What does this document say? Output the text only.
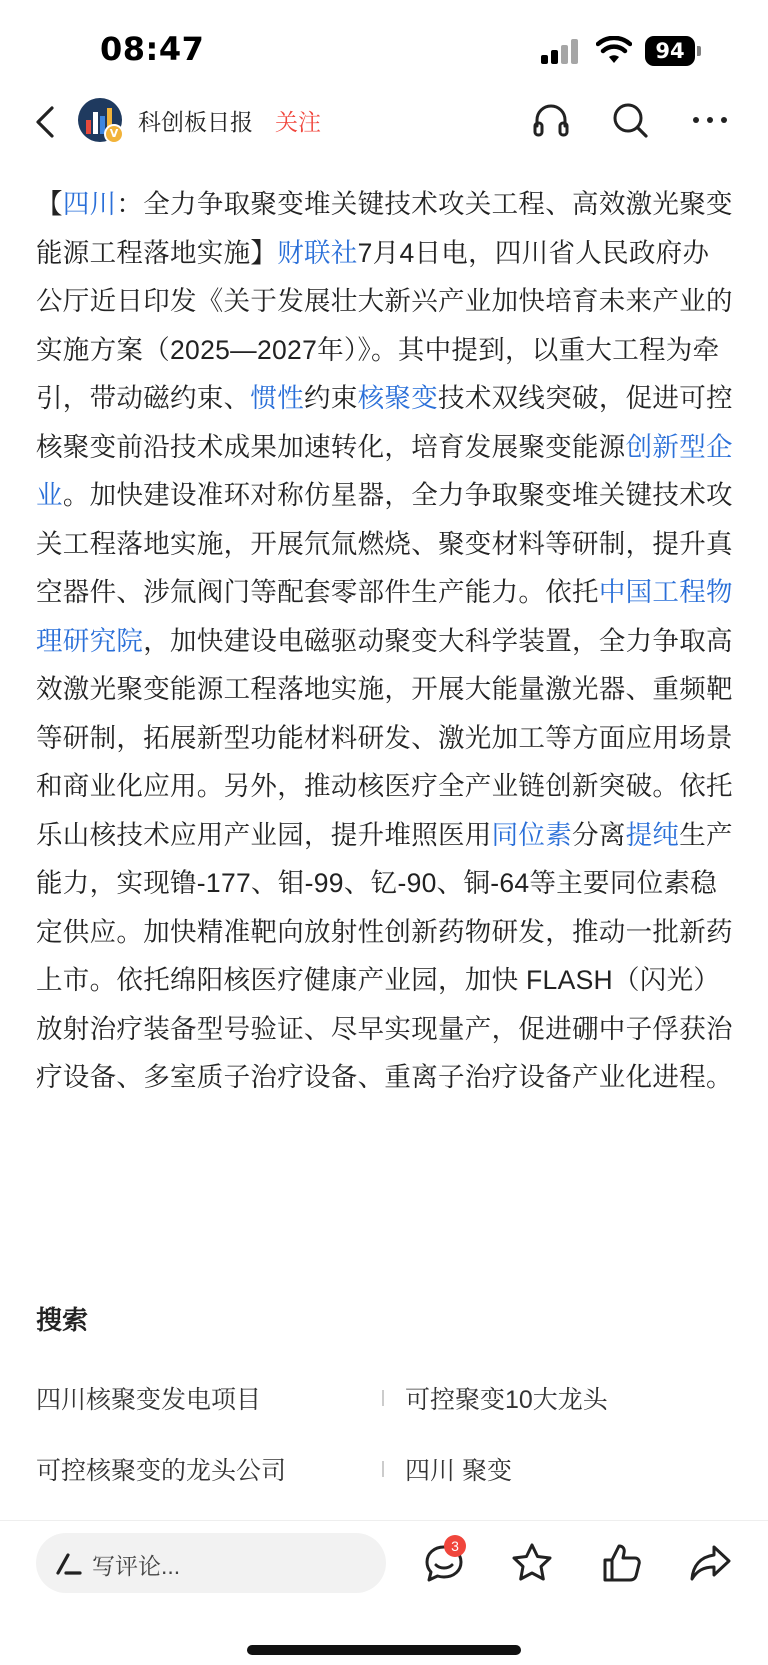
08:47	94
V 科创板日报 关注
【四川：全力争取聚变堆关键技术攻关工程、高效激光聚变能源工程落地实施】财联社7月4日电，四川省人民政府办公厅近日印发《关于发展壮大新兴产业加快培育未来产业的实施方案（2025—2027年）》。其中提到，以重大工程为牵引，带动磁约束、惯性约束核聚变技术双线突破，促进可控核聚变前沿技术成果加速转化，培育发展聚变能源创新型企业。加快建设准环对称仿星器，全力争取聚变堆关键技术攻关工程落地实施，开展氘氚燃烧、聚变材料等研制，提升真空器件、涉氚阀门等配套零部件生产能力。依托中国工程物理研究院，加快建设电磁驱动聚变大科学装置，全力争取高效激光聚变能源工程落地实施，开展大能量激光器、重频靶等研制，拓展新型功能材料研发、激光加工等方面应用场景和商业化应用。另外，推动核医疗全产业链创新突破。依托乐山核技术应用产业园，提升堆照医用同位素分离提纯生产能力，实现镥-177、钼-99、钇-90、铜-64等主要同位素稳定供应。加快精准靶向放射性创新药物研发，推动一批新药上市。依托绵阳核医疗健康产业园，加快 FLASH（闪光）放射治疗装备型号验证、尽早实现量产，促进硼中子俘获治疗设备、多室质子治疗设备、重离子治疗设备产业化进程。
搜索
四川核聚变发电项目	可控聚变10大龙头
可控核聚变的龙头公司	四川 聚变
写评论...
3
